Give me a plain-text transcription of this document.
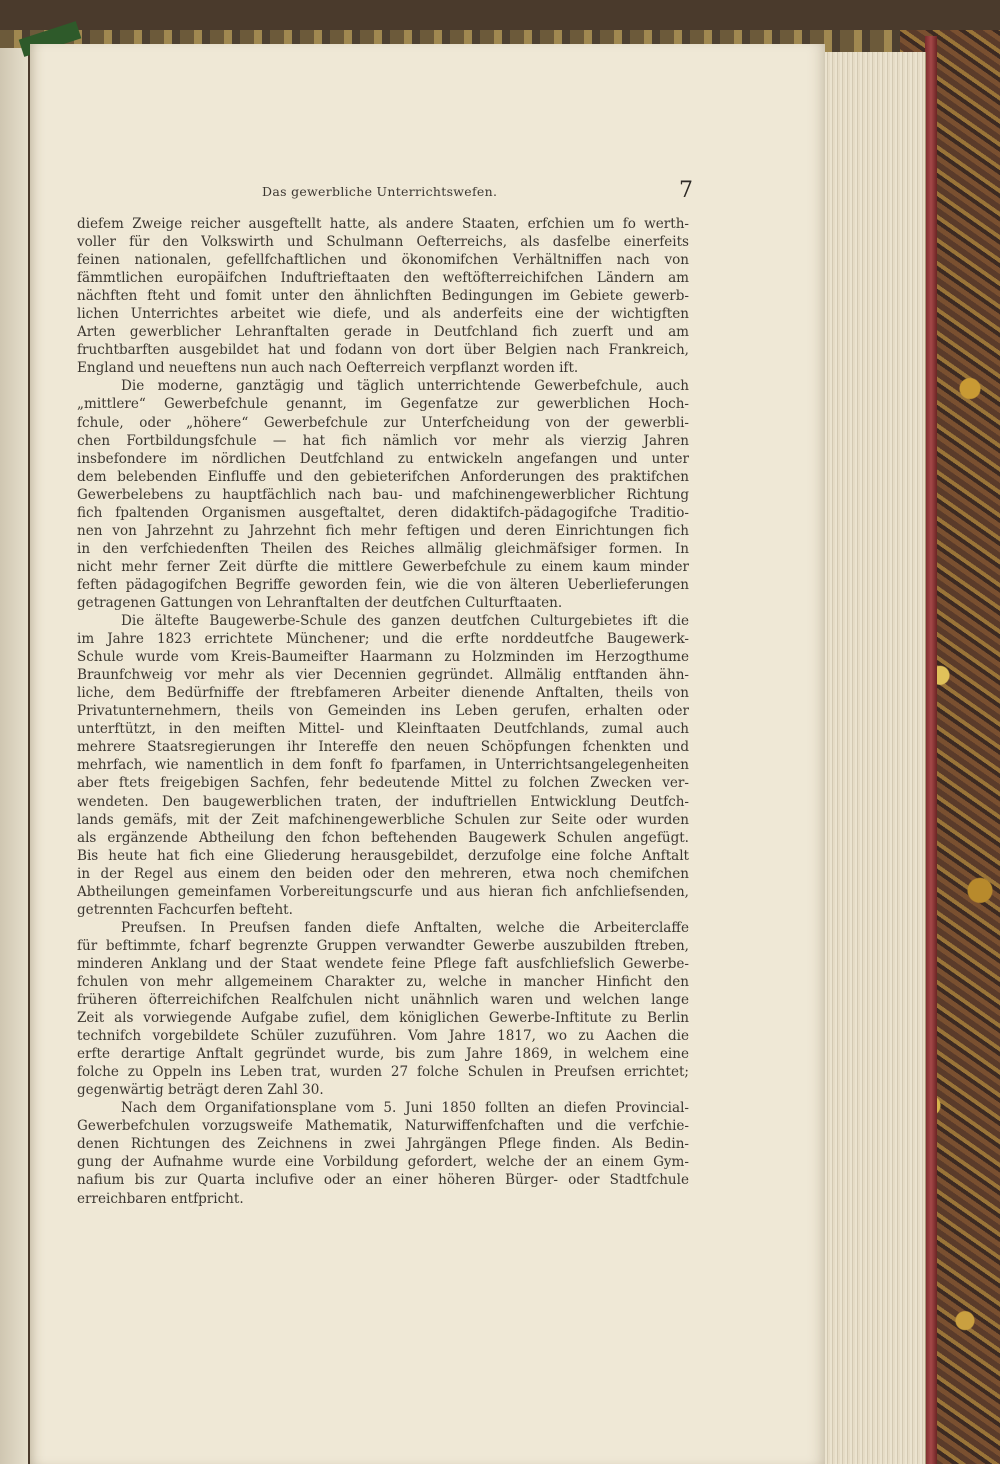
Das gewerbliche Unterrichtswefen.	7
diefem Zweige reicher ausgeftellt hatte, als andere Staaten, erfchien um fo werth-
voller für den Volkswirth und Schulmann Oefterreichs, als dasfelbe einerfeits
feinen nationalen, gefellfchaftlichen und ökonomifchen Verhältniffen nach von
fämmtlichen europäifchen Induftrieftaaten den weftöfterreichifchen Ländern am
nächften fteht und fomit unter den ähnlichften Bedingungen im Gebiete gewerb-
lichen Unterrichtes arbeitet wie diefe, und als anderfeits eine der wichtigften
Arten gewerblicher Lehranftalten gerade in Deutfchland fich zuerft und am
fruchtbarften ausgebildet hat und fodann von dort über Belgien nach Frankreich,
England und neueftens nun auch nach Oefterreich verpflanzt worden ift.
Die moderne, ganztägig und täglich unterrichtende Gewerbefchule, auch
„mittlere“ Gewerbefchule genannt, im Gegenfatze zur gewerblichen Hoch-
fchule, oder „höhere“ Gewerbefchule zur Unterfcheidung von der gewerbli-
chen Fortbildungsfchule — hat fich nämlich vor mehr als vierzig Jahren
insbefondere im nördlichen Deutfchland zu entwickeln angefangen und unter
dem belebenden Einfluffe und den gebieterifchen Anforderungen des praktifchen
Gewerbelebens zu hauptfächlich nach bau- und mafchinengewerblicher Richtung
fich fpaltenden Organismen ausgeftaltet, deren didaktifch-pädagogifche Traditio-
nen von Jahrzehnt zu Jahrzehnt fich mehr feftigen und deren Einrichtungen fich
in den verfchiedenften Theilen des Reiches allmälig gleichmäfsiger formen. In
nicht mehr ferner Zeit dürfte die mittlere Gewerbefchule zu einem kaum minder
feften pädagogifchen Begriffe geworden fein, wie die von älteren Ueberlieferungen
getragenen Gattungen von Lehranftalten der deutfchen Culturftaaten.
Die ältefte Baugewerbe-Schule des ganzen deutfchen Culturgebietes ift die
im Jahre 1823 errichtete Münchener; und die erfte norddeutfche Baugewerk-
Schule wurde vom Kreis-Baumeifter Haarmann zu Holzminden im Herzogthume
Braunfchweig vor mehr als vier Decennien gegründet. Allmälig entftanden ähn-
liche, dem Bedürfniffe der ftrebfameren Arbeiter dienende Anftalten, theils von
Privatunternehmern, theils von Gemeinden ins Leben gerufen, erhalten oder
unterftützt, in den meiften Mittel- und Kleinftaaten Deutfchlands, zumal auch
mehrere Staatsregierungen ihr Intereffe den neuen Schöpfungen fchenkten und
mehrfach, wie namentlich in dem fonft fo fparfamen, in Unterrichtsangelegenheiten
aber ftets freigebigen Sachfen, fehr bedeutende Mittel zu folchen Zwecken ver-
wendeten. Den baugewerblichen traten, der induftriellen Entwicklung Deutfch-
lands gemäfs, mit der Zeit mafchinengewerbliche Schulen zur Seite oder wurden
als ergänzende Abtheilung den fchon beftehenden Baugewerk Schulen angefügt.
Bis heute hat fich eine Gliederung herausgebildet, derzufolge eine folche Anftalt
in der Regel aus einem den beiden oder den mehreren, etwa noch chemifchen
Abtheilungen gemeinfamen Vorbereitungscurfe und aus hieran fich anfchliefsenden,
getrennten Fachcurfen befteht.
Preufsen. In Preufsen fanden diefe Anftalten, welche die Arbeiterclaffe
für beftimmte, fcharf begrenzte Gruppen verwandter Gewerbe auszubilden ftreben,
minderen Anklang und der Staat wendete feine Pflege faft ausfchliefslich Gewerbe-
fchulen von mehr allgemeinem Charakter zu, welche in mancher Hinficht den
früheren öfterreichifchen Realfchulen nicht unähnlich waren und welchen lange
Zeit als vorwiegende Aufgabe zufiel, dem königlichen Gewerbe-Inftitute zu Berlin
technifch vorgebildete Schüler zuzuführen. Vom Jahre 1817, wo zu Aachen die
erfte derartige Anftalt gegründet wurde, bis zum Jahre 1869, in welchem eine
folche zu Oppeln ins Leben trat, wurden 27 folche Schulen in Preufsen errichtet;
gegenwärtig beträgt deren Zahl 30.
Nach dem Organifationsplane vom 5. Juni 1850 follten an diefen Provincial-
Gewerbefchulen vorzugsweife Mathematik, Naturwiffenfchaften und die verfchie-
denen Richtungen des Zeichnens in zwei Jahrgängen Pflege finden. Als Bedin-
gung der Aufnahme wurde eine Vorbildung gefordert, welche der an einem Gym-
nafium bis zur Quarta inclufive oder an einer höheren Bürger- oder Stadtfchule
erreichbaren entfpricht.
